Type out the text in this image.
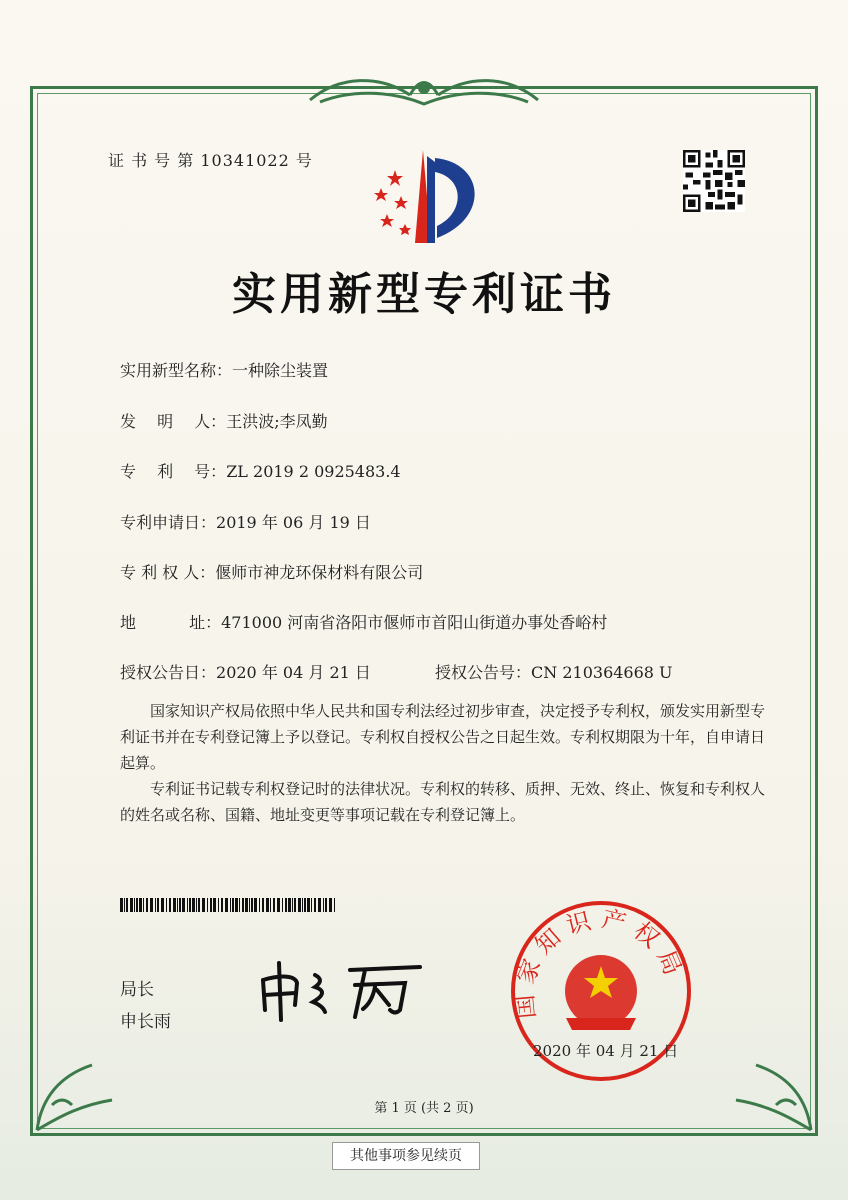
证 书 号 第 10341022 号
实用新型专利证书
实用新型名称：一种除尘装置
发　 明　 人：王洪波;李凤勤
专　 利　 号：ZL 2019 2 0925483.4
专利申请日：2019 年 06 月 19 日
专 利 权 人：偃师市神龙环保材料有限公司
地　　　 址：471000 河南省洛阳市偃师市首阳山街道办事处香峪村
授权公告日：2020 年 04 月 21 日	授权公告号：CN 210364668 U

国家知识产权局依照中华人民共和国专利法经过初步审查，决定授予专利权，颁发实用新型专利证书并在专利登记簿上予以登记。专利权自授权公告之日起生效。专利权期限为十年，自申请日起算。

专利证书记载专利权登记时的法律状况。专利权的转移、质押、无效、终止、恢复和专利权人的姓名或名称、国籍、地址变更等事项记载在专利登记簿上。

局长
申长雨
国家知识产权局
2020 年 04 月 21 日
第 1 页 (共 2 页)
其他事项参见续页
